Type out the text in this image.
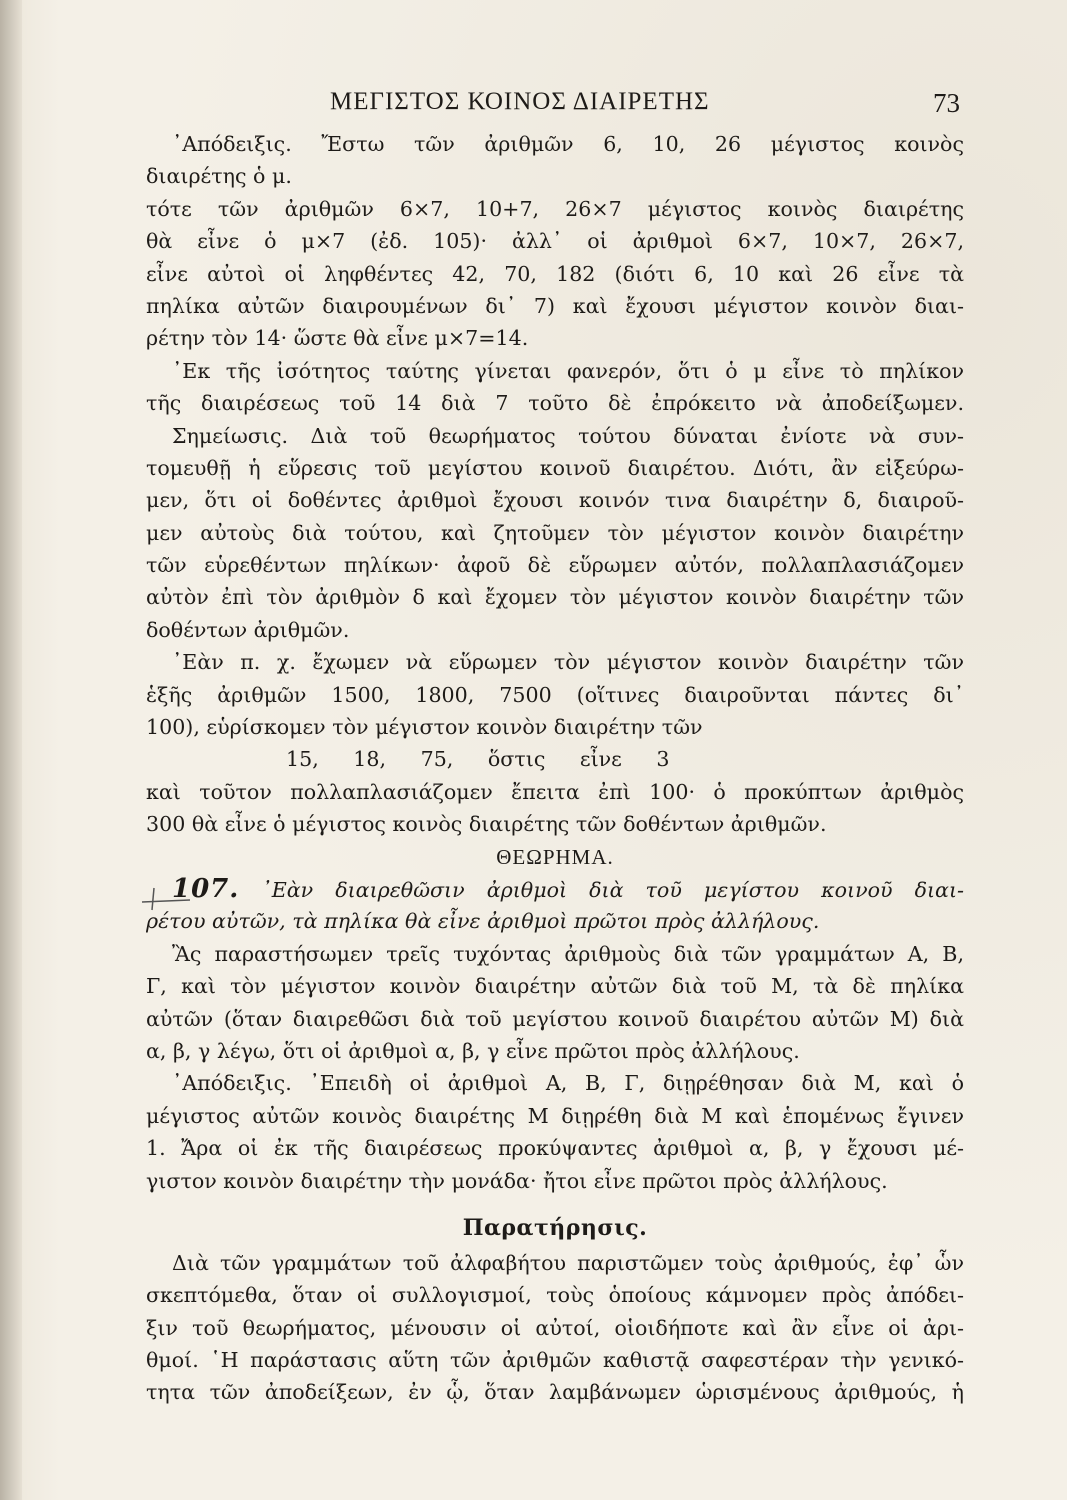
ΜΕΓΙΣΤΟΣ ΚΟΙΝΟΣ ΔΙΑΙΡΕΤΗΣ	73
᾿Απόδειξις. Ἔστω τῶν ἀριθμῶν 6, 10, 26 μέγιστος κοινὸς
διαιρέτης ὁ μ.
τότε τῶν ἀριθμῶν 6×7, 10+7, 26×7 μέγιστος κοινὸς διαιρέτης
θὰ εἶνε ὁ μ×7 (ἐδ. 105)· ἀλλ᾿ οἱ ἀριθμοὶ 6×7, 10×7, 26×7,
εἶνε αὐτοὶ οἱ ληφθέντες 42, 70, 182 (διότι 6, 10 καὶ 26 εἶνε τὰ
πηλίκα αὐτῶν διαιρουμένων δι᾿ 7) καὶ ἔχουσι μέγιστον κοινὸν διαι-
ρέτην τὸν 14· ὥστε θὰ εἶνε μ×7=14.
᾿Εκ τῆς ἰσότητος ταύτης γίνεται φανερόν, ὅτι ὁ μ εἶνε τὸ πηλίκον
τῆς διαιρέσεως τοῦ 14 διὰ 7 τοῦτο δὲ ἐπρόκειτο νὰ ἀποδείξωμεν.
Σημείωσις. Διὰ τοῦ θεωρήματος τούτου δύναται ἐνίοτε νὰ συν-
τομευθῇ ἡ εὕρεσις τοῦ μεγίστου κοινοῦ διαιρέτου. Διότι, ἂν εἰξεύρω-
μεν, ὅτι οἱ δοθέντες ἀριθμοὶ ἔχουσι κοινόν τινα διαιρέτην δ, διαιροῦ-
μεν αὐτοὺς διὰ τούτου, καὶ ζητοῦμεν τὸν μέγιστον κοινὸν διαιρέτην
τῶν εὑρεθέντων πηλίκων· ἀφοῦ δὲ εὕρωμεν αὐτόν, πολλαπλασιάζομεν
αὐτὸν ἐπὶ τὸν ἀριθμὸν δ καὶ ἔχομεν τὸν μέγιστον κοινὸν διαιρέτην τῶν
δοθέντων ἀριθμῶν.
᾿Εὰν π. χ. ἔχωμεν νὰ εὕρωμεν τὸν μέγιστον κοινὸν διαιρέτην τῶν
ἑξῆς ἀριθμῶν 1500, 1800, 7500 (οἵτινες διαιροῦνται πάντες δι᾿
100), εὑρίσκομεν τὸν μέγιστον κοινὸν διαιρέτην τῶν
15, 18, 75, ὅστις εἶνε 3
καὶ τοῦτον πολλαπλασιάζομεν ἔπειτα ἐπὶ 100· ὁ προκύπτων ἀριθμὸς
300 θὰ εἶνε ὁ μέγιστος κοινὸς διαιρέτης τῶν δοθέντων ἀριθμῶν.
ΘΕΩΡΗΜΑ.
107. ᾿Εὰν διαιρεθῶσιν ἀριθμοὶ διὰ τοῦ μεγίστου κοινοῦ διαι-
ρέτου αὐτῶν, τὰ πηλίκα θὰ εἶνε ἀριθμοὶ πρῶτοι πρὸς ἀλλήλους.
Ἂς παραστήσωμεν τρεῖς τυχόντας ἀριθμοὺς διὰ τῶν γραμμάτων Α, Β,
Γ, καὶ τὸν μέγιστον κοινὸν διαιρέτην αὐτῶν διὰ τοῦ Μ, τὰ δὲ πηλίκα
αὐτῶν (ὅταν διαιρεθῶσι διὰ τοῦ μεγίστου κοινοῦ διαιρέτου αὐτῶν Μ) διὰ
α, β, γ λέγω, ὅτι οἱ ἀριθμοὶ α, β, γ εἶνε πρῶτοι πρὸς ἀλλήλους.
᾿Απόδειξις. ᾿Επειδὴ οἱ ἀριθμοὶ Α, Β, Γ, διῃρέθησαν διὰ Μ, καὶ ὁ
μέγιστος αὐτῶν κοινὸς διαιρέτης Μ διῃρέθη διὰ Μ καὶ ἑπομένως ἔγινεν
1. Ἄρα οἱ ἐκ τῆς διαιρέσεως προκύψαντες ἀριθμοὶ α, β, γ ἔχουσι μέ-
γιστον κοινὸν διαιρέτην τὴν μονάδα· ἤτοι εἶνε πρῶτοι πρὸς ἀλλήλους.
Παρατήρησις.
Διὰ τῶν γραμμάτων τοῦ ἀλφαβήτου παριστῶμεν τοὺς ἀριθμούς, ἐφ᾿ ὧν
σκεπτόμεθα, ὅταν οἱ συλλογισμοί, τοὺς ὁποίους κάμνομεν πρὸς ἀπόδει-
ξιν τοῦ θεωρήματος, μένουσιν οἱ αὐτοί, οἱοιδήποτε καὶ ἂν εἶνε οἱ ἀρι-
θμοί. ῾Η παράστασις αὕτη τῶν ἀριθμῶν καθιστᾷ σαφεστέραν τὴν γενικό-
τητα τῶν ἀποδείξεων, ἐν ᾧ, ὅταν λαμβάνωμεν ὡρισμένους ἀριθμούς, ἡ
